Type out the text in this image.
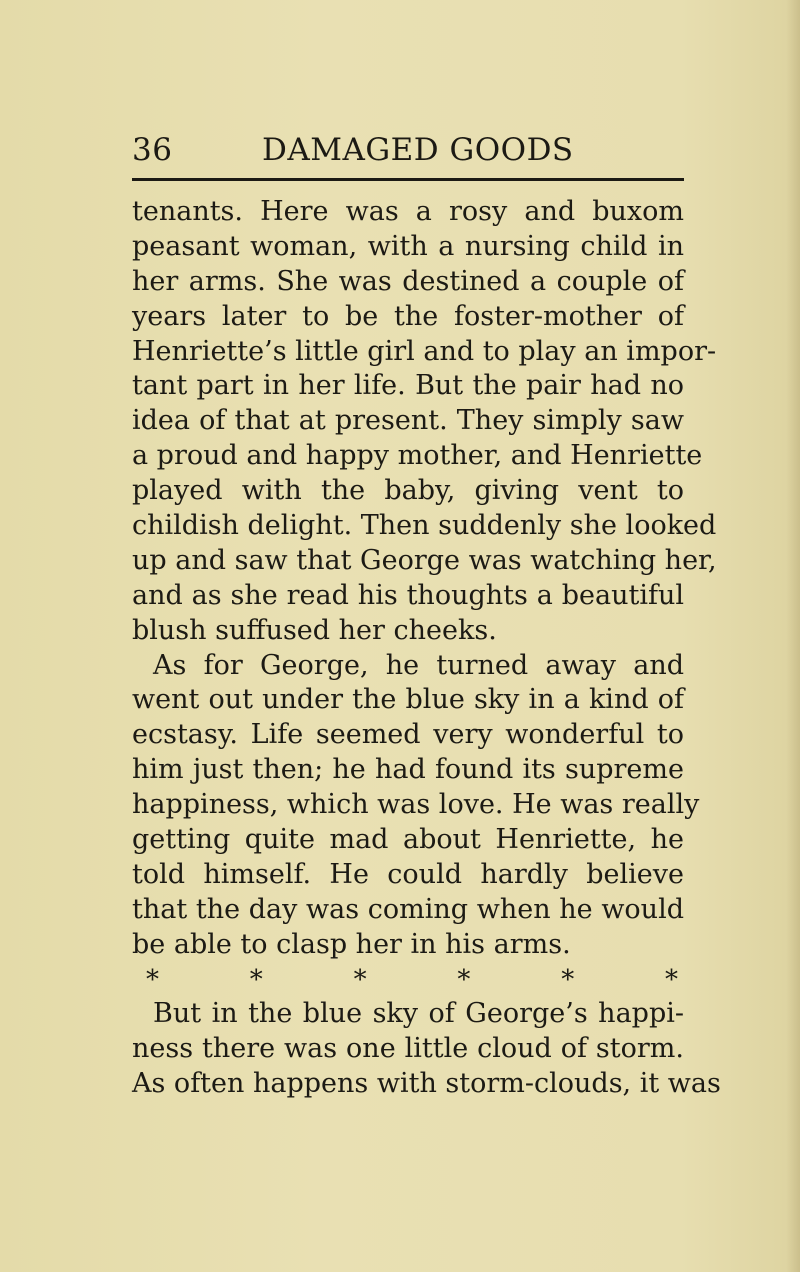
36	DAMAGED GOODS
tenants. Here was a rosy and buxom
peasant woman, with a nursing child in
her arms. She was destined a couple of
years later to be the foster-mother of
Henriette’s little girl and to play an impor-
tant part in her life. But the pair had no
idea of that at present. They simply saw
a proud and happy mother, and Henriette
played with the baby, giving vent to
childish delight. Then suddenly she looked
up and saw that George was watching her,
and as she read his thoughts a beautiful
blush suffused her cheeks.
As for George, he turned away and
went out under the blue sky in a kind of
ecstasy. Life seemed very wonderful to
him just then; he had found its supreme
happiness, which was love. He was really
getting quite mad about Henriette, he
told himself. He could hardly believe
that the day was coming when he would
be able to clasp her in his arms.
*	*	*	*	*	*
But in the blue sky of George’s happi-
ness there was one little cloud of storm.
As often happens with storm-clouds, it was
